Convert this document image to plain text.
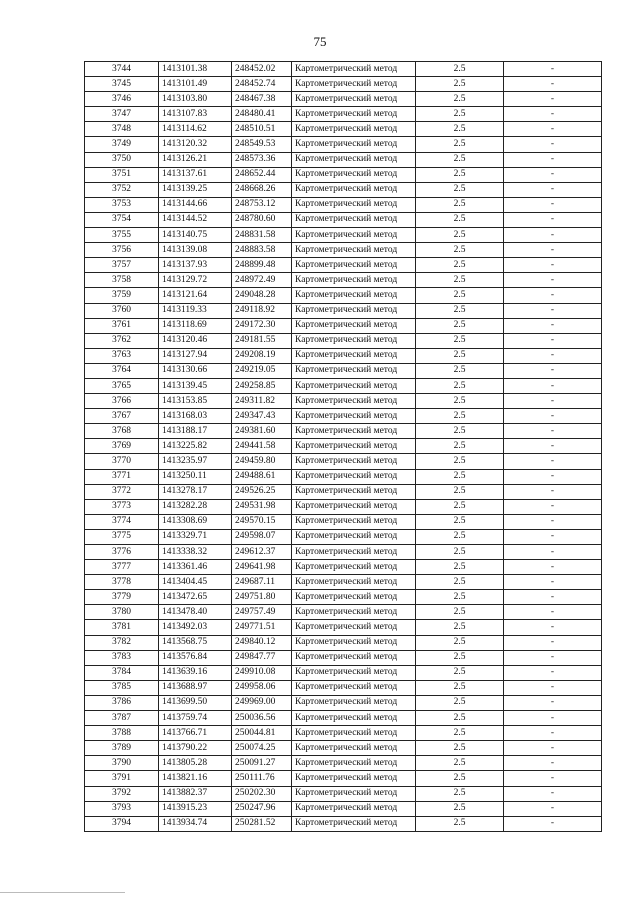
75
3744	1413101.38	248452.02	Картометрический метод	2.5	-
3745	1413101.49	248452.74	Картометрический метод	2.5	-
3746	1413103.80	248467.38	Картометрический метод	2.5	-
3747	1413107.83	248480.41	Картометрический метод	2.5	-
3748	1413114.62	248510.51	Картометрический метод	2.5	-
3749	1413120.32	248549.53	Картометрический метод	2.5	-
3750	1413126.21	248573.36	Картометрический метод	2.5	-
3751	1413137.61	248652.44	Картометрический метод	2.5	-
3752	1413139.25	248668.26	Картометрический метод	2.5	-
3753	1413144.66	248753.12	Картометрический метод	2.5	-
3754	1413144.52	248780.60	Картометрический метод	2.5	-
3755	1413140.75	248831.58	Картометрический метод	2.5	-
3756	1413139.08	248883.58	Картометрический метод	2.5	-
3757	1413137.93	248899.48	Картометрический метод	2.5	-
3758	1413129.72	248972.49	Картометрический метод	2.5	-
3759	1413121.64	249048.28	Картометрический метод	2.5	-
3760	1413119.33	249118.92	Картометрический метод	2.5	-
3761	1413118.69	249172.30	Картометрический метод	2.5	-
3762	1413120.46	249181.55	Картометрический метод	2.5	-
3763	1413127.94	249208.19	Картометрический метод	2.5	-
3764	1413130.66	249219.05	Картометрический метод	2.5	-
3765	1413139.45	249258.85	Картометрический метод	2.5	-
3766	1413153.85	249311.82	Картометрический метод	2.5	-
3767	1413168.03	249347.43	Картометрический метод	2.5	-
3768	1413188.17	249381.60	Картометрический метод	2.5	-
3769	1413225.82	249441.58	Картометрический метод	2.5	-
3770	1413235.97	249459.80	Картометрический метод	2.5	-
3771	1413250.11	249488.61	Картометрический метод	2.5	-
3772	1413278.17	249526.25	Картометрический метод	2.5	-
3773	1413282.28	249531.98	Картометрический метод	2.5	-
3774	1413308.69	249570.15	Картометрический метод	2.5	-
3775	1413329.71	249598.07	Картометрический метод	2.5	-
3776	1413338.32	249612.37	Картометрический метод	2.5	-
3777	1413361.46	249641.98	Картометрический метод	2.5	-
3778	1413404.45	249687.11	Картометрический метод	2.5	-
3779	1413472.65	249751.80	Картометрический метод	2.5	-
3780	1413478.40	249757.49	Картометрический метод	2.5	-
3781	1413492.03	249771.51	Картометрический метод	2.5	-
3782	1413568.75	249840.12	Картометрический метод	2.5	-
3783	1413576.84	249847.77	Картометрический метод	2.5	-
3784	1413639.16	249910.08	Картометрический метод	2.5	-
3785	1413688.97	249958.06	Картометрический метод	2.5	-
3786	1413699.50	249969.00	Картометрический метод	2.5	-
3787	1413759.74	250036.56	Картометрический метод	2.5	-
3788	1413766.71	250044.81	Картометрический метод	2.5	-
3789	1413790.22	250074.25	Картометрический метод	2.5	-
3790	1413805.28	250091.27	Картометрический метод	2.5	-
3791	1413821.16	250111.76	Картометрический метод	2.5	-
3792	1413882.37	250202.30	Картометрический метод	2.5	-
3793	1413915.23	250247.96	Картометрический метод	2.5	-
3794	1413934.74	250281.52	Картометрический метод	2.5	-
